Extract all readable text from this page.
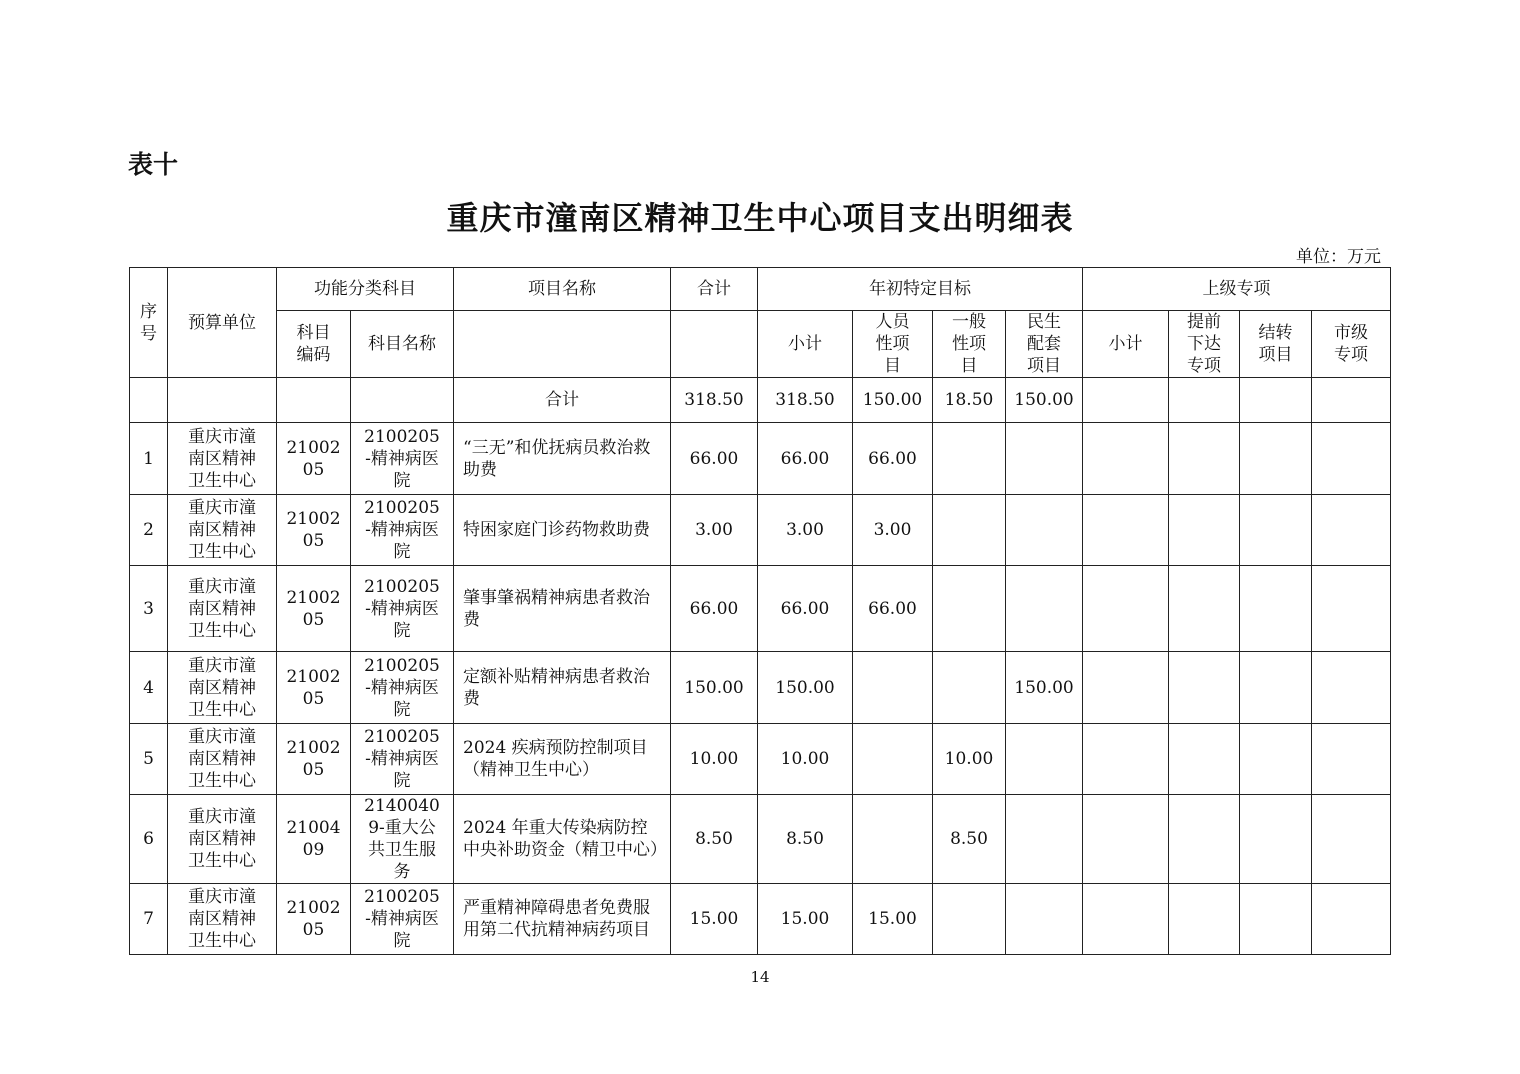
表十
重庆市潼南区精神卫生中心项目支出明细表
单位：万元
序号	预算单位	功能分类科目		项目名称	合计	年初特定目标				上级专项			
		科目编码	科目名称			小计	人员性项目	一般性项目	民生配套项目	小计	提前下达专项	结转项目	市级专项
				合计	318.50	318.50	150.00	18.50	150.00				
1	重庆市潼南区精神卫生中心	2100205	2100205-精神病医院	“三无”和优抚病员救治救助费	66.00	66.00	66.00						
2	重庆市潼南区精神卫生中心	2100205	2100205-精神病医院	特困家庭门诊药物救助费	3.00	3.00	3.00						
3	重庆市潼南区精神卫生中心	2100205	2100205-精神病医院	肇事肇祸精神病患者救治费	66.00	66.00	66.00						
4	重庆市潼南区精神卫生中心	2100205	2100205-精神病医院	定额补贴精神病患者救治费	150.00	150.00			150.00				
5	重庆市潼南区精神卫生中心	2100205	2100205-精神病医院	2024 疾病预防控制项目（精神卫生中心）	10.00	10.00		10.00					
6	重庆市潼南区精神卫生中心	2100409	21400409-重大公共卫生服务	2024 年重大传染病防控中央补助资金（精卫中心）	8.50	8.50		8.50					
7	重庆市潼南区精神卫生中心	2100205	2100205-精神病医院	严重精神障碍患者免费服用第二代抗精神病药项目	15.00	15.00	15.00						
14
